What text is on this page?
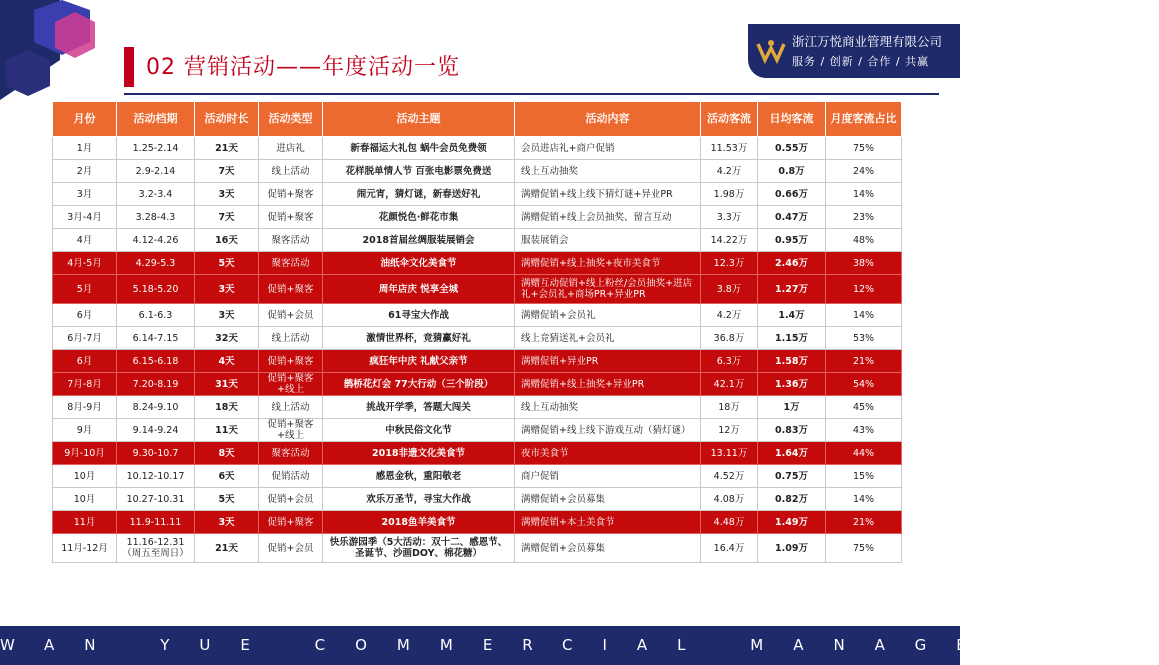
02 营销活动——年度活动一览
浙江万悦商业管理有限公司
服务 / 创新 / 合作 / 共赢
月份	活动档期	活动时长	活动类型	活动主题	活动内容	活动客流	日均客流	月度客流占比
1月	1.25-2.14	21天	进店礼	新春福运大礼包 蜗牛会员免费领	会员进店礼+商户促销	11.53万	0.55万	75%
2月	2.9-2.14	7天	线上活动	花样脱单情人节 百张电影票免费送	线上互动抽奖	4.2万	0.8万	24%
3月	3.2-3.4	3天	促销+聚客	闹元宵，猜灯谜，新春送好礼	满赠促销+线上线下猜灯谜+异业PR	1.98万	0.66万	14%
3月-4月	3.28-4.3	7天	促销+聚客	花颜悦色·鲜花市集	满赠促销+线上会员抽奖、留言互动	3.3万	0.47万	23%
4月	4.12-4.26	16天	聚客活动	2018首届丝绸服装展销会	服装展销会	14.22万	0.95万	48%
4月-5月	4.29-5.3	5天	聚客活动	油纸伞文化美食节	满赠促销+线上抽奖+夜市美食节	12.3万	2.46万	38%
5月	5.18-5.20	3天	促销+聚客	周年店庆 悦享全城	满赠互动促销+线上粉丝/会员抽奖+进店礼+会员礼+商场PR+异业PR	3.8万	1.27万	12%
6月	6.1-6.3	3天	促销+会员	61寻宝大作战	满赠促销+会员礼	4.2万	1.4万	14%
6月-7月	6.14-7.15	32天	线上活动	激情世界杯，竞猜赢好礼	线上竞猜送礼+会员礼	36.8万	1.15万	53%
6月	6.15-6.18	4天	促销+聚客	疯狂年中庆 礼献父亲节	满赠促销+异业PR	6.3万	1.58万	21%
7月-8月	7.20-8.19	31天	促销+聚客+线上	鹊桥花灯会 77大行动（三个阶段）	满赠促销+线上抽奖+异业PR	42.1万	1.36万	54%
8月-9月	8.24-9.10	18天	线上活动	挑战开学季，答题大闯关	线上互动抽奖	18万	1万	45%
9月	9.14-9.24	11天	促销+聚客+线上	中秋民俗文化节	满赠促销+线上线下游戏互动（猜灯谜）	12万	0.83万	43%
9月-10月	9.30-10.7	8天	聚客活动	2018非遗文化美食节	夜市美食节	13.11万	1.64万	44%
10月	10.12-10.17	6天	促销活动	感恩金秋，重阳敬老	商户促销	4.52万	0.75万	15%
10月	10.27-10.31	5天	促销+会员	欢乐万圣节，寻宝大作战	满赠促销+会员募集	4.08万	0.82万	14%
11月	11.9-11.11	3天	促销+聚客	2018鱼羊美食节	满赠促销+本土美食节	4.48万	1.49万	21%
11月-12月	11.16-12.31（周五至周日）	21天	促销+会员	快乐游园季（5大活动：双十二、感恩节、圣诞节、沙画DOY、棉花糖）	满赠促销+会员募集	16.4万	1.09万	75%
WAN YUE COMMERCIAL MANAGEMENT
